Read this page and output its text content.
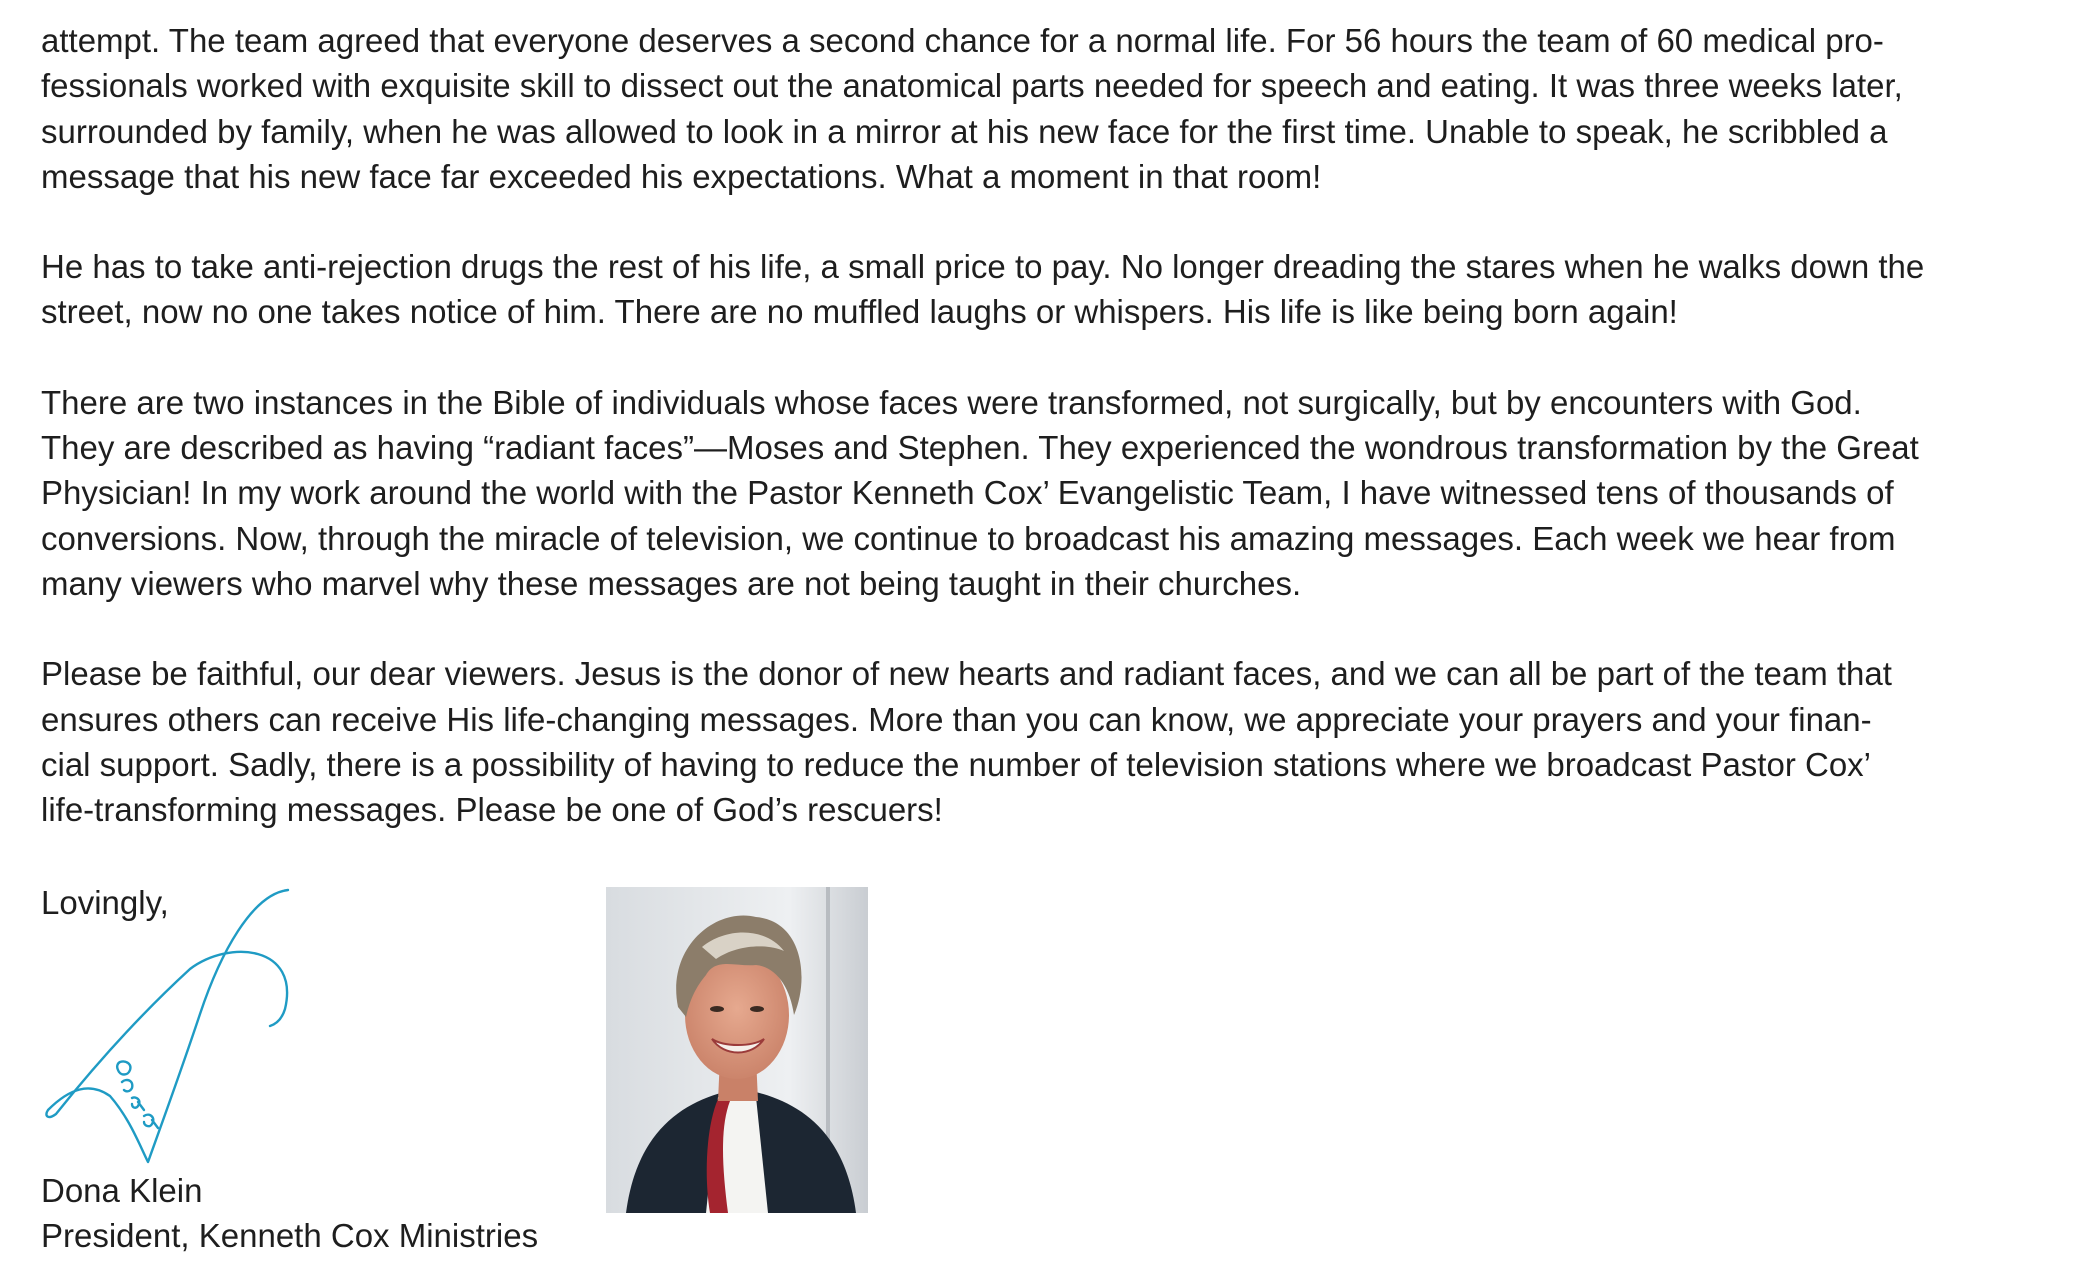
attempt. The team agreed that everyone deserves a second chance for a normal life. For 56 hours the team of 60 medical pro-
fessionals worked with exquisite skill to dissect out the anatomical parts needed for speech and eating. It was three weeks later,
surrounded by family, when he was allowed to look in a mirror at his new face for the first time. Unable to speak, he scribbled a
message that his new face far exceeded his expectations. What a moment in that room!

He has to take anti-rejection drugs the rest of his life, a small price to pay. No longer dreading the stares when he walks down the
street, now no one takes notice of him. There are no muffled laughs or whispers. His life is like being born again!

There are two instances in the Bible of individuals whose faces were transformed, not surgically, but by encounters with God.
They are described as having “radiant faces”—Moses and Stephen. They experienced the wondrous transformation by the Great
Physician! In my work around the world with the Pastor Kenneth Cox’ Evangelistic Team, I have witnessed tens of thousands of
conversions. Now, through the miracle of television, we continue to broadcast his amazing messages. Each week we hear from
many viewers who marvel why these messages are not being taught in their churches.

Please be faithful, our dear viewers. Jesus is the donor of new hearts and radiant faces, and we can all be part of the team that
ensures others can receive His life-changing messages. More than you can know, we appreciate your prayers and your finan-
cial support. Sadly, there is a possibility of having to reduce the number of television stations where we broadcast Pastor Cox’
life-transforming messages. Please be one of God’s rescuers!

Lovingly,
Dona Klein
President, Kenneth Cox Ministries
